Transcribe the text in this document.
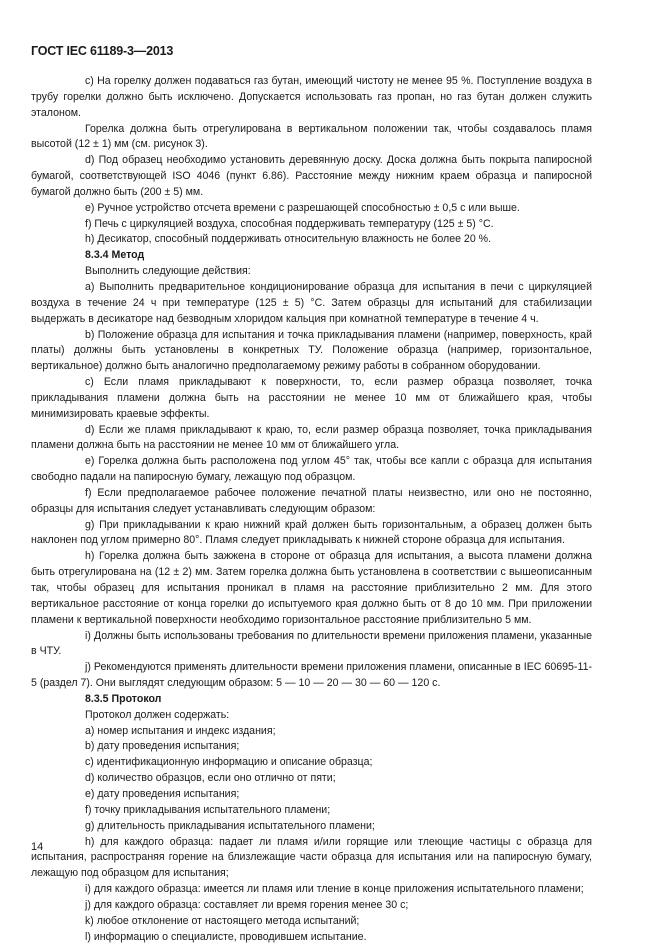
ГОСТ IEC 61189-3—2013

c) На горелку должен подаваться газ бутан, имеющий чистоту не менее 95 %. Поступление воздуха в трубу горелки должно быть исключено. Допускается использовать газ пропан, но газ бутан должен служить эталоном.

Горелка должна быть отрегулирована в вертикальном положении так, чтобы создавалось пламя высотой (12 ± 1) мм (см. рисунок 3).

d) Под образец необходимо установить деревянную доску. Доска должна быть покрыта папиросной бумагой, соответствующей ISO 4046 (пункт 6.86). Расстояние между нижним краем образца и папиросной бумагой должно быть (200 ± 5) мм.

e) Ручное устройство отсчета времени с разрешающей способностью ± 0,5 с или выше.

f) Печь с циркуляцией воздуха, способная поддерживать температуру (125 ± 5) °C.

h) Десикатор, способный поддерживать относительную влажность не более 20 %.

8.3.4 Метод

Выполнить следующие действия:

a) Выполнить предварительное кондиционирование образца для испытания в печи с циркуляцией воздуха в течение 24 ч при температуре (125 ± 5) °C. Затем образцы для испытаний для стабилизации выдержать в десикаторе над безводным хлоридом кальция при комнатной температуре в течение 4 ч.

b) Положение образца для испытания и точка прикладывания пламени (например, поверхность, край платы) должны быть установлены в конкретных ТУ. Положение образца (например, горизонтальное, вертикальное) должно быть аналогично предполагаемому режиму работы в собранном оборудовании.

c) Если пламя прикладывают к поверхности, то, если размер образца позволяет, точка прикладывания пламени должна быть на расстоянии не менее 10 мм от ближайшего края, чтобы минимизировать краевые эффекты.

d) Если же пламя прикладывают к краю, то, если размер образца позволяет, точка прикладывания пламени должна быть на расстоянии не менее 10 мм от ближайшего угла.

e) Горелка должна быть расположена под углом 45° так, чтобы все капли с образца для испытания свободно падали на папиросную бумагу, лежащую под образцом.

f) Если предполагаемое рабочее положение печатной платы неизвестно, или оно не постоянно, образцы для испытания следует устанавливать следующим образом:

g) При прикладывании к краю нижний край должен быть горизонтальным, а образец должен быть наклонен под углом примерно 80°. Пламя следует прикладывать к нижней стороне образца для испытания.

h) Горелка должна быть зажжена в стороне от образца для испытания, а высота пламени должна быть отрегулирована на (12 ± 2) мм. Затем горелка должна быть установлена в соответствии с вышеописанным так, чтобы образец для испытания проникал в пламя на расстояние приблизительно 2 мм. Для этого вертикальное расстояние от конца горелки до испытуемого края должно быть от 8 до 10 мм. При приложении пламени к вертикальной поверхности необходимо горизонтальное расстояние приблизительно 5 мм.

i) Должны быть использованы требования по длительности времени приложения пламени, указанные в ЧТУ.

j) Рекомендуются применять длительности времени приложения пламени, описанные в IEC 60695-11-5 (раздел 7). Они выглядят следующим образом: 5 — 10 — 20 — 30 — 60 — 120 с.

8.3.5 Протокол

Протокол должен содержать:

a) номер испытания и индекс издания;

b) дату проведения испытания;

c) идентификационную информацию и описание образца;

d) количество образцов, если оно отлично от пяти;

e) дату проведения испытания;

f) точку прикладывания испытательного пламени;

g) длительность прикладывания испытательного пламени;

h) для каждого образца: падает ли пламя и/или горящие или тлеющие частицы с образца для испытания, распространяя горение на близлежащие части образца для испытания или на папиросную бумагу, лежащую под образцом для испытания;

i) для каждого образца: имеется ли пламя или тление в конце приложения испытательного пламени;

j) для каждого образца: составляет ли время горения менее 30 с;

k) любое отклонение от настоящего метода испытаний;

l) информацию о специалисте, проводившем испытание.

14
